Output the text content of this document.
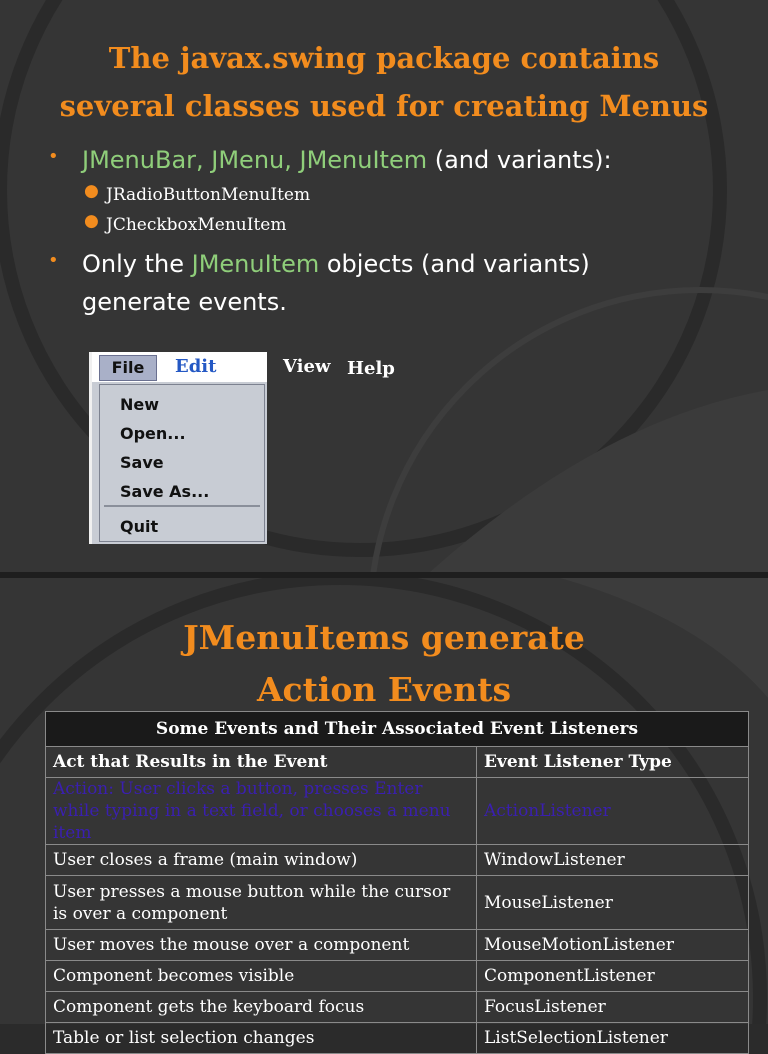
The javax.swing package contains
several classes used for creating Menus
• JMenuBar, JMenu, JMenuItem (and variants):
● JRadioButtonMenuItem
● JCheckboxMenuItem
• Only the JMenuItem objects (and variants)
generate events.
File	Edit
New
Open...
Save
Save As...
Quit
View Help
JMenuItems generate
Action Events
Some Events and Their Associated Event Listeners	
Act that Results in the Event	Event Listener Type
Action: User clicks a button, presses Enter while typing in a text field, or chooses a menu item	ActionListener
User closes a frame (main window)	WindowListener
User presses a mouse button while the cursor is over a component	MouseListener
User moves the mouse over a component	MouseMotionListener
Component becomes visible	ComponentListener
Component gets the keyboard focus	FocusListener
Table or list selection changes	ListSelectionListener
